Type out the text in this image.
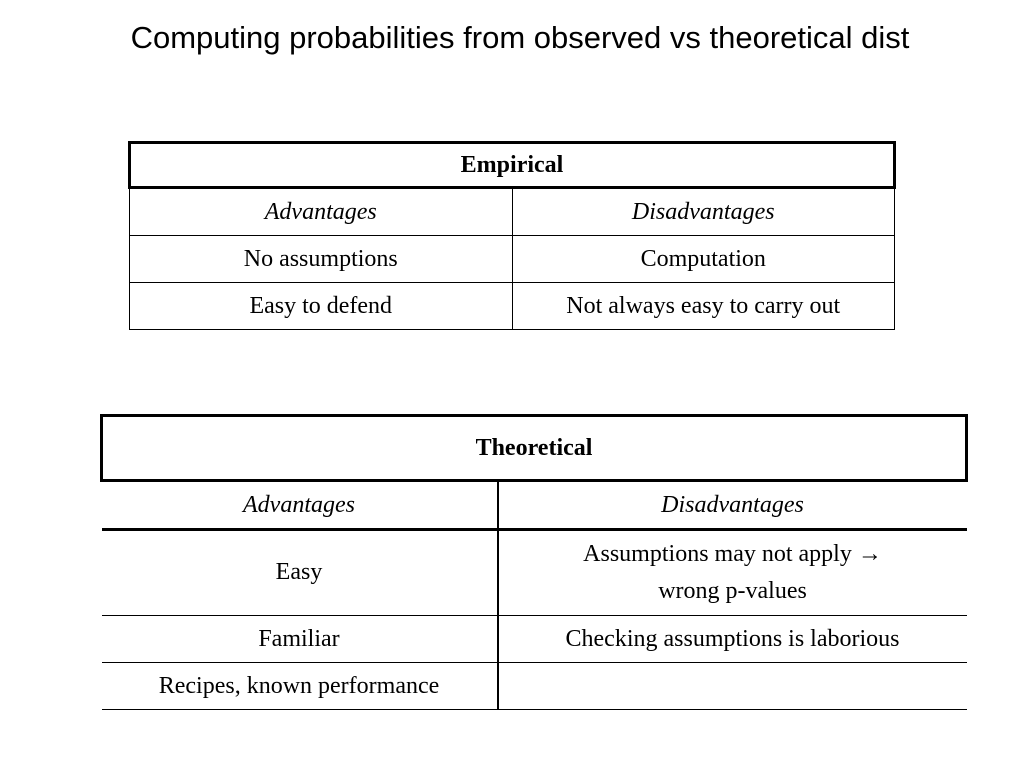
Computing probabilities from observed vs theoretical dist
Empirical	
Advantages	Disadvantages
No assumptions	Computation
Easy to defend	Not always easy to carry out
Theoretical	
Advantages	Disadvantages
Easy	Assumptions may not apply →
wrong p-values
Familiar	Checking assumptions is laborious
Recipes, known performance	
